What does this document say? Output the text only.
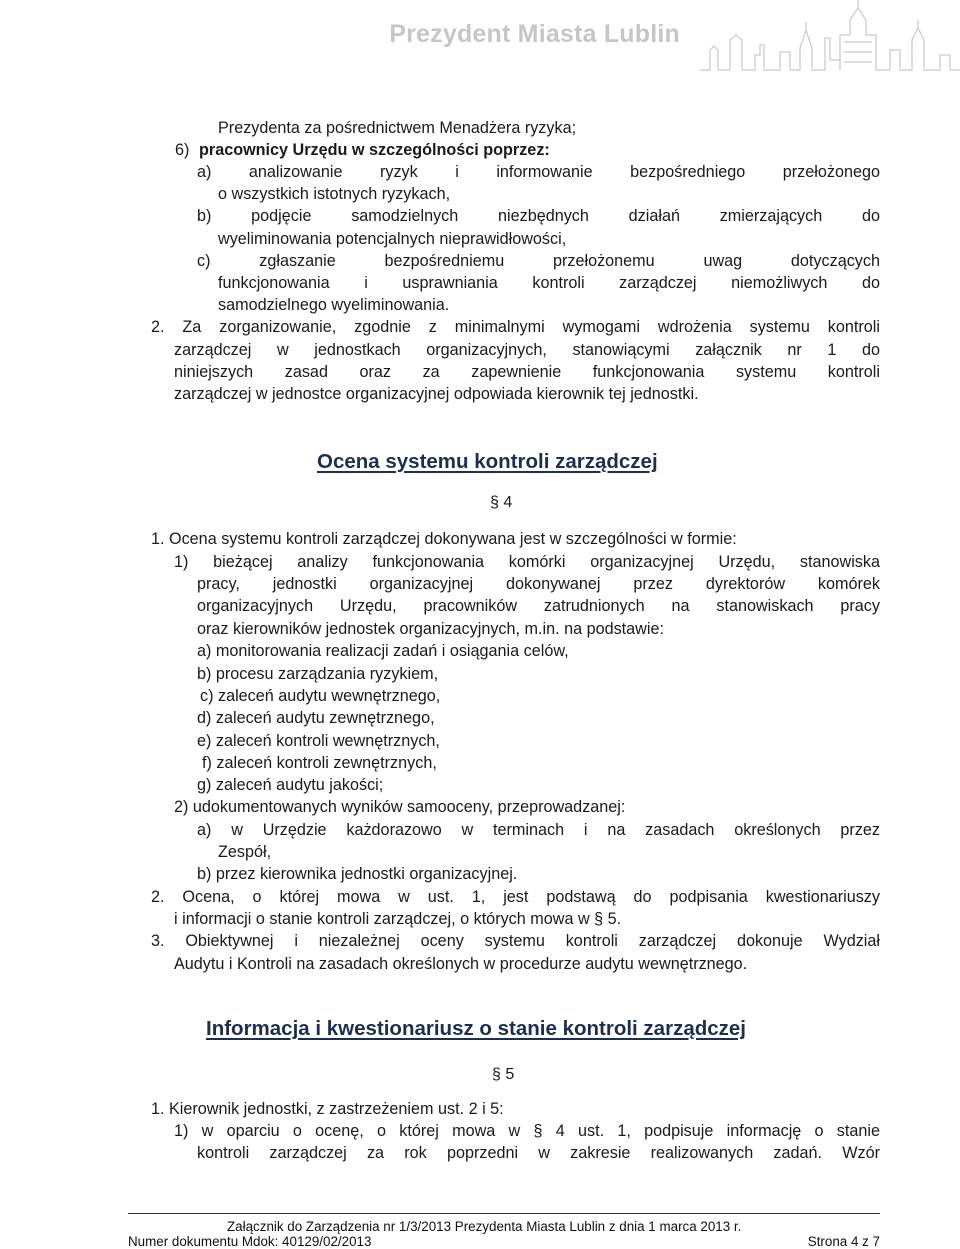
Prezydent Miasta Lublin
Prezydenta za pośrednictwem Menadżera ryzyka;
6) pracownicy Urzędu w szczególności poprzez:
a) analizowanie ryzyk i informowanie bezpośredniego przełożonego
o wszystkich istotnych ryzykach,
b) podjęcie samodzielnych niezbędnych działań zmierzających do
wyeliminowania potencjalnych nieprawidłowości,
c) zgłaszanie bezpośredniemu przełożonemu uwag dotyczących
funkcjonowania i usprawniania kontroli zarządczej niemożliwych do
samodzielnego wyeliminowania.
2. Za zorganizowanie, zgodnie z minimalnymi wymogami wdrożenia systemu kontroli
zarządczej w jednostkach organizacyjnych, stanowiącymi załącznik nr 1 do
niniejszych zasad oraz za zapewnienie funkcjonowania systemu kontroli
zarządczej w jednostce organizacyjnej odpowiada kierownik tej jednostki.
Ocena systemu kontroli zarządczej
§ 4
1. Ocena systemu kontroli zarządczej dokonywana jest w szczególności w formie:
1) bieżącej analizy funkcjonowania komórki organizacyjnej Urzędu, stanowiska
pracy, jednostki organizacyjnej dokonywanej przez dyrektorów komórek
organizacyjnych Urzędu, pracowników zatrudnionych na stanowiskach pracy
oraz kierowników jednostek organizacyjnych, m.in. na podstawie:
a) monitorowania realizacji zadań i osiągania celów,
b) procesu zarządzania ryzykiem,
c) zaleceń audytu wewnętrznego,
d) zaleceń audytu zewnętrznego,
e) zaleceń kontroli wewnętrznych,
f) zaleceń kontroli zewnętrznych,
g) zaleceń audytu jakości;
2) udokumentowanych wyników samooceny, przeprowadzanej:
a) w Urzędzie każdorazowo w terminach i na zasadach określonych przez
Zespół,
b) przez kierownika jednostki organizacyjnej.
2. Ocena, o której mowa w ust. 1, jest podstawą do podpisania kwestionariuszy
i informacji o stanie kontroli zarządczej, o których mowa w § 5.
3. Obiektywnej i niezależnej oceny systemu kontroli zarządczej dokonuje Wydział
Audytu i Kontroli na zasadach określonych w procedurze audytu wewnętrznego.
Informacja i kwestionariusz o stanie kontroli zarządczej
§ 5
1. Kierownik jednostki, z zastrzeżeniem ust. 2 i 5:
1) w oparciu o ocenę, o której mowa w § 4 ust. 1, podpisuje informację o stanie
kontroli zarządczej za rok poprzedni w zakresie realizowanych zadań. Wzór
Załącznik do Zarządzenia nr 1/3/2013 Prezydenta Miasta Lublin z dnia 1 marca 2013 r.
Numer dokumentu Mdok: 40129/02/2013	Strona 4 z 7
